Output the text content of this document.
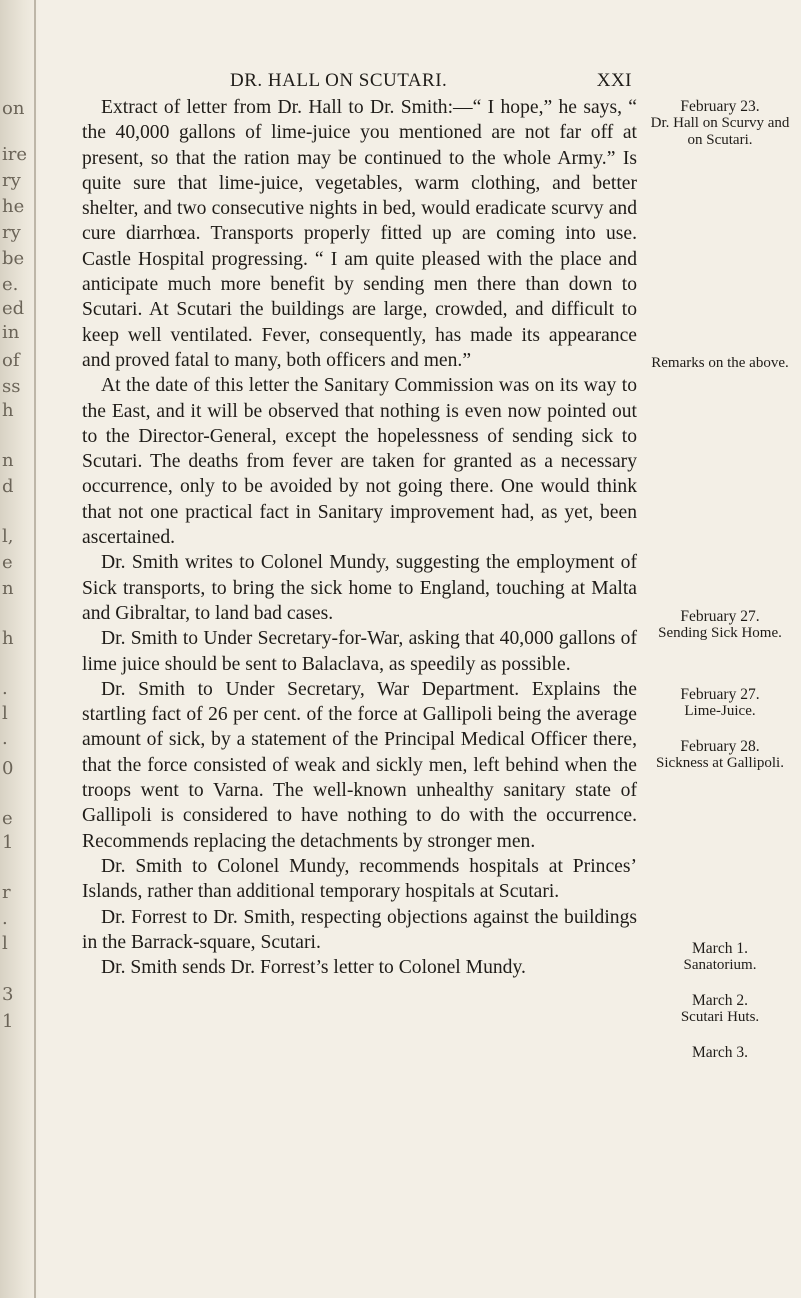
on
ire
ry
he
ry
be
e.
ed
in
of
ss
h
n
d
l,
e
n
h
.
l
.
0
e
1
r
.
l
3
1
DR. HALL ON SCUTARI.	XXI

Extract of letter from Dr. Hall to Dr. Smith:—“ I hope,” he says, “ the 40,000 gallons of lime-juice you mentioned are not far off at present, so that the ration may be continued to the whole Army.” Is quite sure that lime-juice, vegetables, warm clothing, and better shelter, and two consecutive nights in bed, would eradicate scurvy and cure diarrhœa. Transports properly fitted up are coming into use. Castle Hospital progressing. “ I am quite pleased with the place and anticipate much more benefit by sending men there than down to Scutari. At Scutari the buildings are large, crowded, and difficult to keep well ventilated. Fever, consequently, has made its appearance and proved fatal to many, both officers and men.”

At the date of this letter the Sanitary Commission was on its way to the East, and it will be observed that nothing is even now pointed out to the Director-General, except the hopelessness of sending sick to Scutari. The deaths from fever are taken for granted as a necessary occurrence, only to be avoided by not going there. One would think that not one practical fact in Sanitary improvement had, as yet, been ascertained.

Dr. Smith writes to Colonel Mundy, suggesting the employment of Sick transports, to bring the sick home to England, touching at Malta and Gibraltar, to land bad cases.

Dr. Smith to Under Secretary-for-War, asking that 40,000 gallons of lime juice should be sent to Balaclava, as speedily as possible.

Dr. Smith to Under Secretary, War Department. Explains the startling fact of 26 per cent. of the force at Gallipoli being the average amount of sick, by a statement of the Principal Medical Officer there, that the force consisted of weak and sickly men, left behind when the troops went to Varna. The well-known unhealthy sanitary state of Gallipoli is considered to have nothing to do with the occurrence. Recommends replacing the detachments by stronger men.

Dr. Smith to Colonel Mundy, recommends hospitals at Princes’ Islands, rather than additional temporary hospitals at Scutari.

Dr. Forrest to Dr. Smith, respecting objections against the buildings in the Barrack-square, Scutari.

Dr. Smith sends Dr. Forrest’s letter to Colonel Mundy.

February 23.
Dr. Hall on Scurvy and on Scutari.
Remarks on the above.
February 27.
Sending Sick Home.
February 27.
Lime-Juice.
February 28.
Sickness at Gallipoli.
March 1.
Sanatorium.
March 2.
Scutari Huts.
March 3.
